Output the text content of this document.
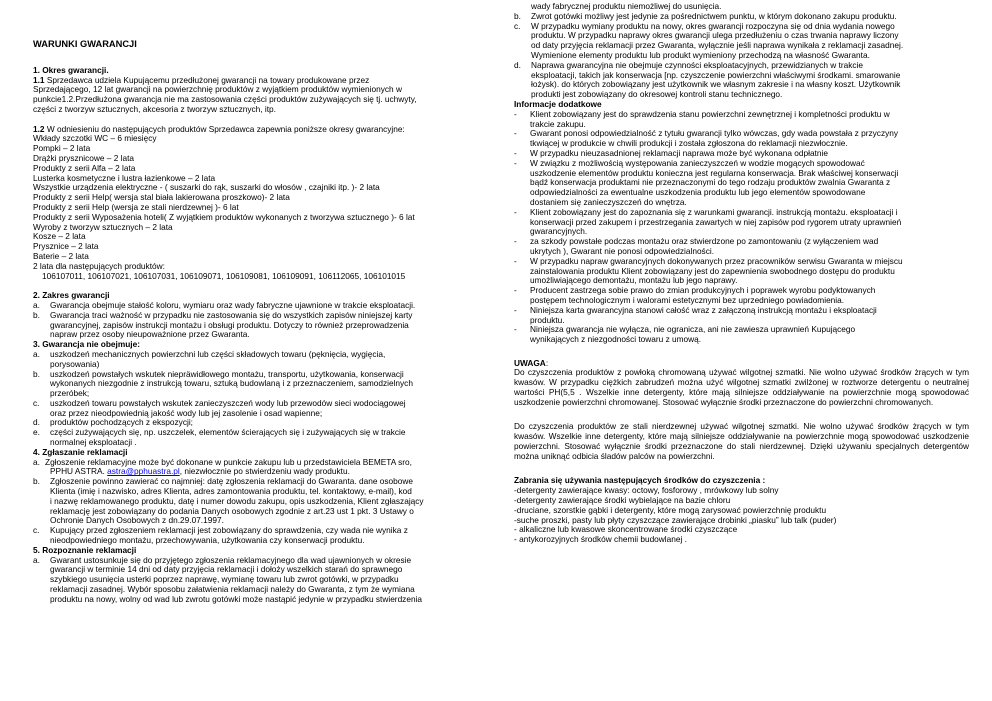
WARUNKI GWARANCJI
1. Okres gwarancji.
1.1 Sprzedawca udziela Kupującemu przedłużonej gwarancji na towary produkowane przez
Sprzedającego, 12 lat gwarancji na powierzchnię produktów z wyjątkiem produktów wymienionych w
punkcie1.2.Przedłużona gwarancja nie ma zastosowania części produktów zużywających się tj. uchwyty,
części z tworzyw sztucznych, akcesoria z tworzyw sztucznych, itp.
1.2 W odniesieniu do następujących produktów Sprzedawca zapewnia poniższe okresy gwarancyjne:
Wkłady szczotki WC – 6 miesięcy
Pompki – 2 lata
Drążki prysznicowe – 2 lata
Produkty z serii Alfa – 2 lata
Lusterka kosmetyczne i lustra łazienkowe – 2 lata
Wszystkie urządzenia elektryczne - ( suszarki do rąk, suszarki do włosów , czajniki itp. )- 2 lata
Produkty z serii Help( wersja stal biała lakierowana proszkowo)- 2 lata
Produkty z serii Help (wersja ze stali nierdzewnej )- 6 lat
Produkty z serii Wyposażenia hoteli( Z wyjątkiem produktów wykonanych z tworzywa sztucznego )- 6 lat
Wyroby z tworzyw sztucznych – 2 lata
Kosze – 2 lata
Prysznice – 2 lata
Baterie – 2 lata
2 lata dla następujących produktów:
106107011, 106107021, 106107031, 106109071, 106109081, 106109091, 106112065, 106101015
2. Zakres gwarancji
a.	Gwarancja obejmuje stałość koloru, wymiaru oraz wady fabryczne ujawnione w trakcie eksploatacji.
b.	Gwarancja traci ważność w przypadku nie zastosowania się do wszystkich zapisów niniejszej karty
gwarancyjnej, zapisów instrukcji montażu i obsługi produktu. Dotyczy to również przeprowadzenia
napraw przez osoby nieupoważnione przez Gwaranta.
3. Gwarancja nie obejmuje:
a.	uszkodzeń mechanicznych powierzchni lub części składowych towaru (pęknięcia, wygięcia,
porysowania)
b.	uszkodzeń powstałych wskutek niepräwidłowego montażu, transportu, użytkowania, konserwacji
wykonanych niezgodnie z instrukcją towaru, sztuką budowlaną i z przeznaczeniem, samodzielnych
przeróbek;
c.	uszkodzeń towaru powstałych wskutek zanieczyszczeń wody lub przewodów sieci wodociągowej
oraz przez nieodpowiednią jakość wody lub jej zasolenie i osad wapienne;
d.	produktów pochodzących z ekspozycji;
e.	części zużywających się, np. uszczelek, elementów ścierających się i zużywających się w trakcie
normalnej eksploatacji .
4. Zgłaszanie reklamacji
a. Zgłoszenie reklamacyjne może być dokonane w punkcie zakupu lub u przedstawiciela BEMETA sro,
PPHU ASTRA. astra@pphuastra.pl, niezwłocznie po stwierdzeniu wady produktu.
b.	Zgłoszenie powinno zawierać co najmniej: datę zgłoszenia reklamacji do Gwaranta. dane osobowe
Klienta (imię i nazwisko, adres Klienta, adres zamontowania produktu, tel. kontaktowy, e-mail), kod
i nazwę reklamowanego produktu, datę i numer dowodu zakupu, opis uszkodzenia, Klient zgłaszający
reklamację jest zobowiązany do podania Danych osobowych zgodnie z art.23 ust 1 pkt. 3 Ustawy o
Ochronie Danych Osobowych z dn.29.07.1997.
c.	Kupujący przed zgłoszeniem reklamacji jest zobowiązany do sprawdzenia, czy wada nie wynika z
nieodpowiedniego montażu, przechowywania, użytkowania czy konserwacji produktu.
5. Rozpoznanie reklamacji
a.	Gwarant ustosunkuje się do przyjętego zgłoszenia reklamacyjnego dla wad ujawnionych w okresie
gwarancji w terminie 14 dni od daty przyjęcia reklamacji i dołoży wszelkich starań do sprawnego
szybkiego usunięcia usterki poprzez naprawę, wymianę towaru lub zwrot gotówki, w przypadku
reklamacji zasadnej. Wybór sposobu załatwienia reklamacji należy do Gwaranta, z tym że wymiana
produktu na nowy, wolny od wad lub zwrotu gotówki może nastąpić jedynie w przypadku stwierdzenia
wady fabrycznej produktu niemożliwej do usunięcia.
b.	Zwrot gotówki możliwy jest jedynie za pośrednictwem punktu, w którym dokonano zakupu produktu.
c.	W przypadku wymiany produktu na nowy, okres gwarancji rozpoczyna się od dnia wydania nowego
produktu. W przypadku naprawy okres gwarancji ulega przedłużeniu o czas trwania naprawy liczony
od daty przyjęcia reklamacji przez Gwaranta, wyłącznie jeśli naprawa wynikała z reklamacji zasadnej.
Wymienione elementy produktu lub produkt wymieniony przechodzą na własność Gwaranta.
d.	Naprawa gwarancyjna nie obejmuje czynności eksploatacyjnych, przewidzianych w trakcie
eksploatacji, takich jak konserwacja [np. czyszczenie powierzchni właściwymi środkami. smarowanie
łożysk). do których zobowiązany jest użytkownik we własnym zakresie i na własny koszt. Użytkownik
produkti jest zobowiązany do okresowej kontroli stanu technicznego.
Informacje dodatkowe
-	Klient zobowiązany jest do sprawdzenia stanu powierzchni zewnętrznej i kompletności produktu w
trakcie zakupu.
-	Gwarant ponosi odpowiedzialność z tytułu gwarancji tylko wówczas, gdy wada powstała z przyczyny
tkwiącej w produkcie w chwili produkcji i została zgłoszona do reklamacji niezwłocznie.
-	W przypadku nieuzasadnionej reklamacji naprawa może być wykonana odpłatnie
-	W związku z możliwością występowania zanieczyszczeń w wodzie mogących spowodować
uszkodzenie elementów produktu konieczna jest regularna konserwacja. Brak właściwej konserwacji
bądź konserwacja produktami nie przeznaczonymi do tego rodzaju produktów zwalnia Gwaranta z
odpowiedzialności za ewentualne uszkodzenia produktu lub jego elementów spowodowane
dostaniem się zanieczyszczeń do wnętrza.
-	Klient zobowiązany jest do zapoznania się z warunkami gwarancji. instrukcją montażu. eksploatacji i
konserwacji przed zakupem i przestrzegania zawartych w niej zapisów pod rygorem utraty uprawnień
gwarancyjnych.
-	za szkody powstałe podczas montażu oraz stwierdzone po zamontowaniu (z wyłączeniem wad
ukrytych ), Gwarant nie ponosi odpowiedzialności.
-	W przypadku napraw gwarancyjnych dokonywanych przez pracowników serwisu Gwaranta w miejscu
zainstalowania produktu Klient zobowiązany jest do zapewnienia swobodnego dostępu do produktu
umożliwiającego demontażu, montażu lub jego naprawy.
-	Producent zastrzega sobie prawo do zmian produkcyjnych i poprawek wyrobu podyktowanych
postępem technologicznym i walorami estetycznymi bez uprzedniego powiadomienia.
-	Niniejsza karta gwarancyjna stanowi całość wraz z załączoną instrukcją montażu i eksploatacji
produktu.
-	Niniejsza gwarancja nie wyłącza, nie ogranicza, ani nie zawiesza uprawnień Kupującego
wynikających z niezgodności towaru z umową.
UWAGA:
Do czyszczenia produktów z powłoką chromowaną używać wilgotnej szmatki. Nie wolno używać środków żrących w tym kwasów. W przypadku ciężkich zabrudzeń można użyć wilgotnej szmatki zwilżonej w roztworze detergentu o neutralnej wartości PH(5,5 . Wszelkie inne detergenty, które mają silniejsze oddziaływanie na powierzchnie mogą spowodować uszkodzenie powierzchni chromowanej. Stosować wyłącznie środki przeznaczone do powierzchni chromowanych.
Do czyszczenia produktów ze stali nierdzewnej używać wilgotnej szmatki. Nie wolno używać środków żrących w tym kwasów. Wszelkie inne detergenty, które mają silniejsze oddziaływanie na powierzchnie mogą spowodować uszkodzenie powierzchni. Stosować wyłącznie środki przeznaczone do stali nierdzewnej. Dzięki używaniu specjalnych detergentów można uniknąć odbicia śladów palców na powierzchni.
Zabrania się używania następujących środków do czyszczenia :
-detergenty zawierające kwasy: octowy, fosforowy , mrówkowy lub solny
-detergenty zawierające środki wybielające na bazie chloru
-druciane, szorstkie gąbki i detergenty, które mogą zarysować powierzchnię produktu
-suche proszki, pasty lub płyty czyszczące zawierające drobinki „piasku” lub talk (puder)
- alkaliczne lub kwasowe skoncentrowane środki czyszczące
- antykorozyjnych środków chemii budowlanej .
